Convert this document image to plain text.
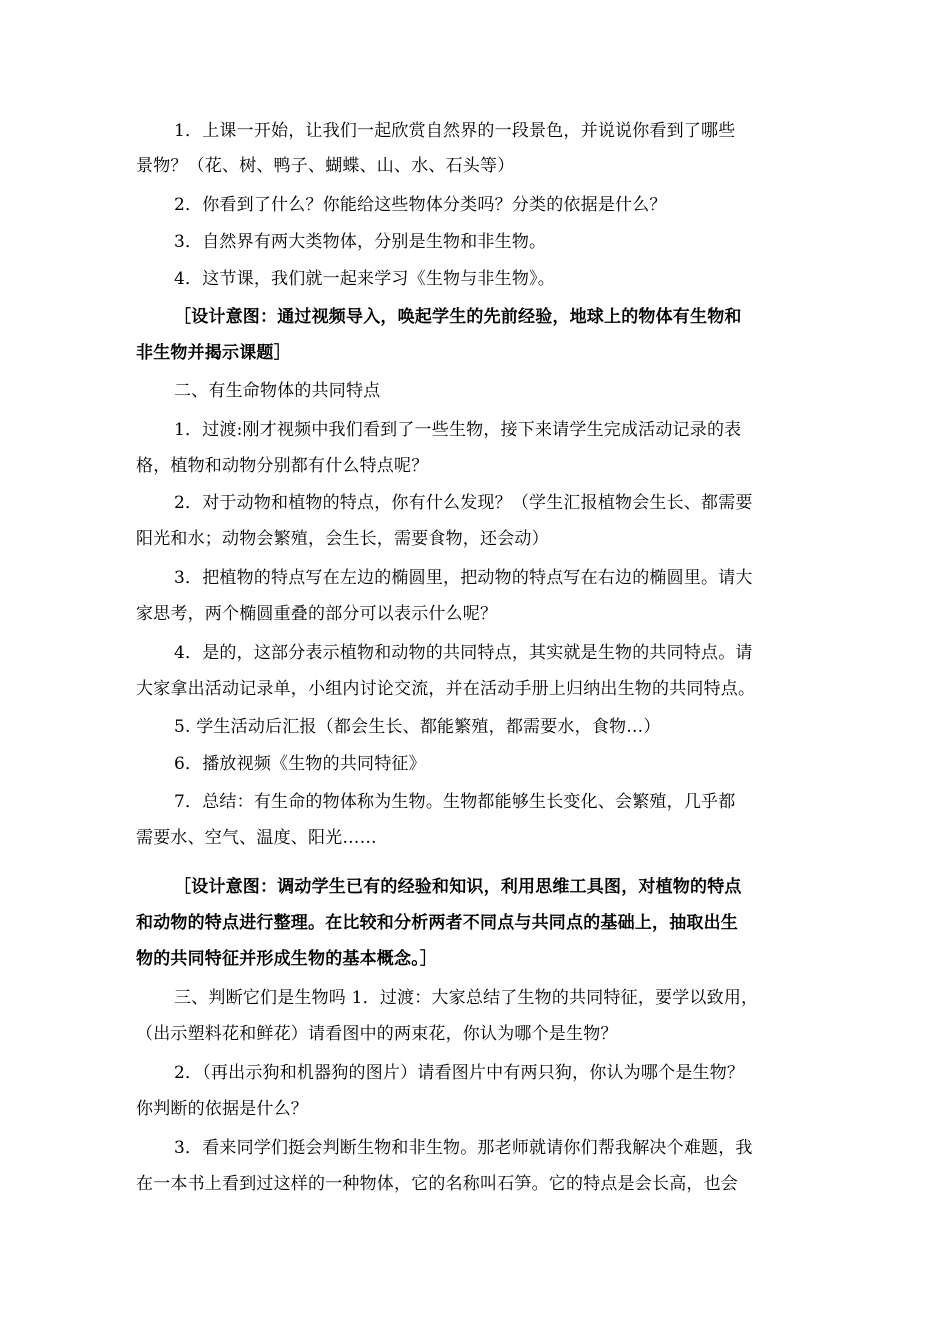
1．上课一开始，让我们一起欣赏自然界的一段景色，并说说你看到了哪些
景物？（花、树、鸭子、蝴蝶、山、水、石头等）
2．你看到了什么？你能给这些物体分类吗？分类的依据是什么？
3．自然界有两大类物体，分别是生物和非生物。
4．这节课，我们就一起来学习《生物与非生物》。
［设计意图：通过视频导入，唤起学生的先前经验，地球上的物体有生物和
非生物并揭示课题］
二、有生命物体的共同特点
1．过渡:刚才视频中我们看到了一些生物，接下来请学生完成活动记录的表
格，植物和动物分别都有什么特点呢？
2．对于动物和植物的特点，你有什么发现？（学生汇报植物会生长、都需要
阳光和水；动物会繁殖，会生长，需要食物，还会动）
3．把植物的特点写在左边的椭圆里，把动物的特点写在右边的椭圆里。请大
家思考，两个椭圆重叠的部分可以表示什么呢？
4．是的，这部分表示植物和动物的共同特点，其实就是生物的共同特点。请
大家拿出活动记录单，小组内讨论交流，并在活动手册上归纳出生物的共同特点。
5. 学生活动后汇报（都会生长、都能繁殖，都需要水，食物…）
6．播放视频《生物的共同特征》
7．总结：有生命的物体称为生物。生物都能够生长变化、会繁殖，几乎都
需要水、空气、温度、阳光……
［设计意图：调动学生已有的经验和知识，利用思维工具图，对植物的特点
和动物的特点进行整理。在比较和分析两者不同点与共同点的基础上，抽取出生
物的共同特征并形成生物的基本概念。］
三、判断它们是生物吗 1．过渡：大家总结了生物的共同特征，要学以致用，
（出示塑料花和鲜花）请看图中的两束花，你认为哪个是生物？
2．（再出示狗和机器狗的图片）请看图片中有两只狗，你认为哪个是生物？
你判断的依据是什么？
3．看来同学们挺会判断生物和非生物。那老师就请你们帮我解决个难题，我
在一本书上看到过这样的一种物体，它的名称叫石笋。它的特点是会长高，也会
